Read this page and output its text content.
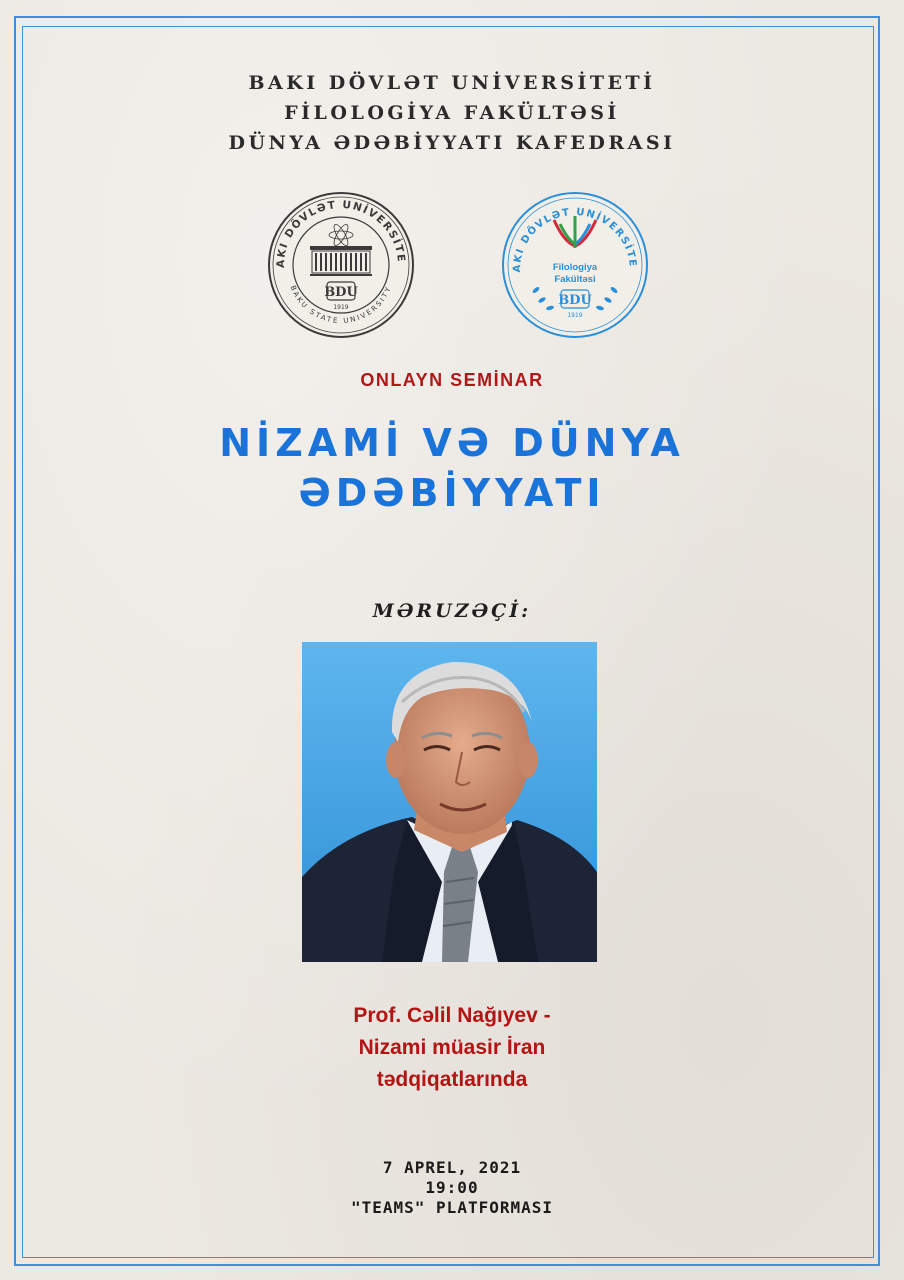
BAKI DÖVLƏT UNİVERSİTETİ
FİLOLOGİYA FAKÜLTƏSİ
DÜNYA ƏDƏBİYYATI KAFEDRASI
AKI DÖVLƏT UNİVERSİTE
BAKU STATE UNIVERSITY
BDU
1919
AKI DÖVLƏT UNİVERSİTE
Filologiya
Fakültəsi
BDU
1919
ONLAYN SEMİNAR
NİZAMİ VƏ DÜNYA
ƏDƏBİYYATI
MƏRUZƏÇİ:
Prof. Cəlil Nağıyev -
Nizami müasir İran
tədqiqatlarında
7 APREL, 2021
19:00
"TEAMS" PLATFORMASI
